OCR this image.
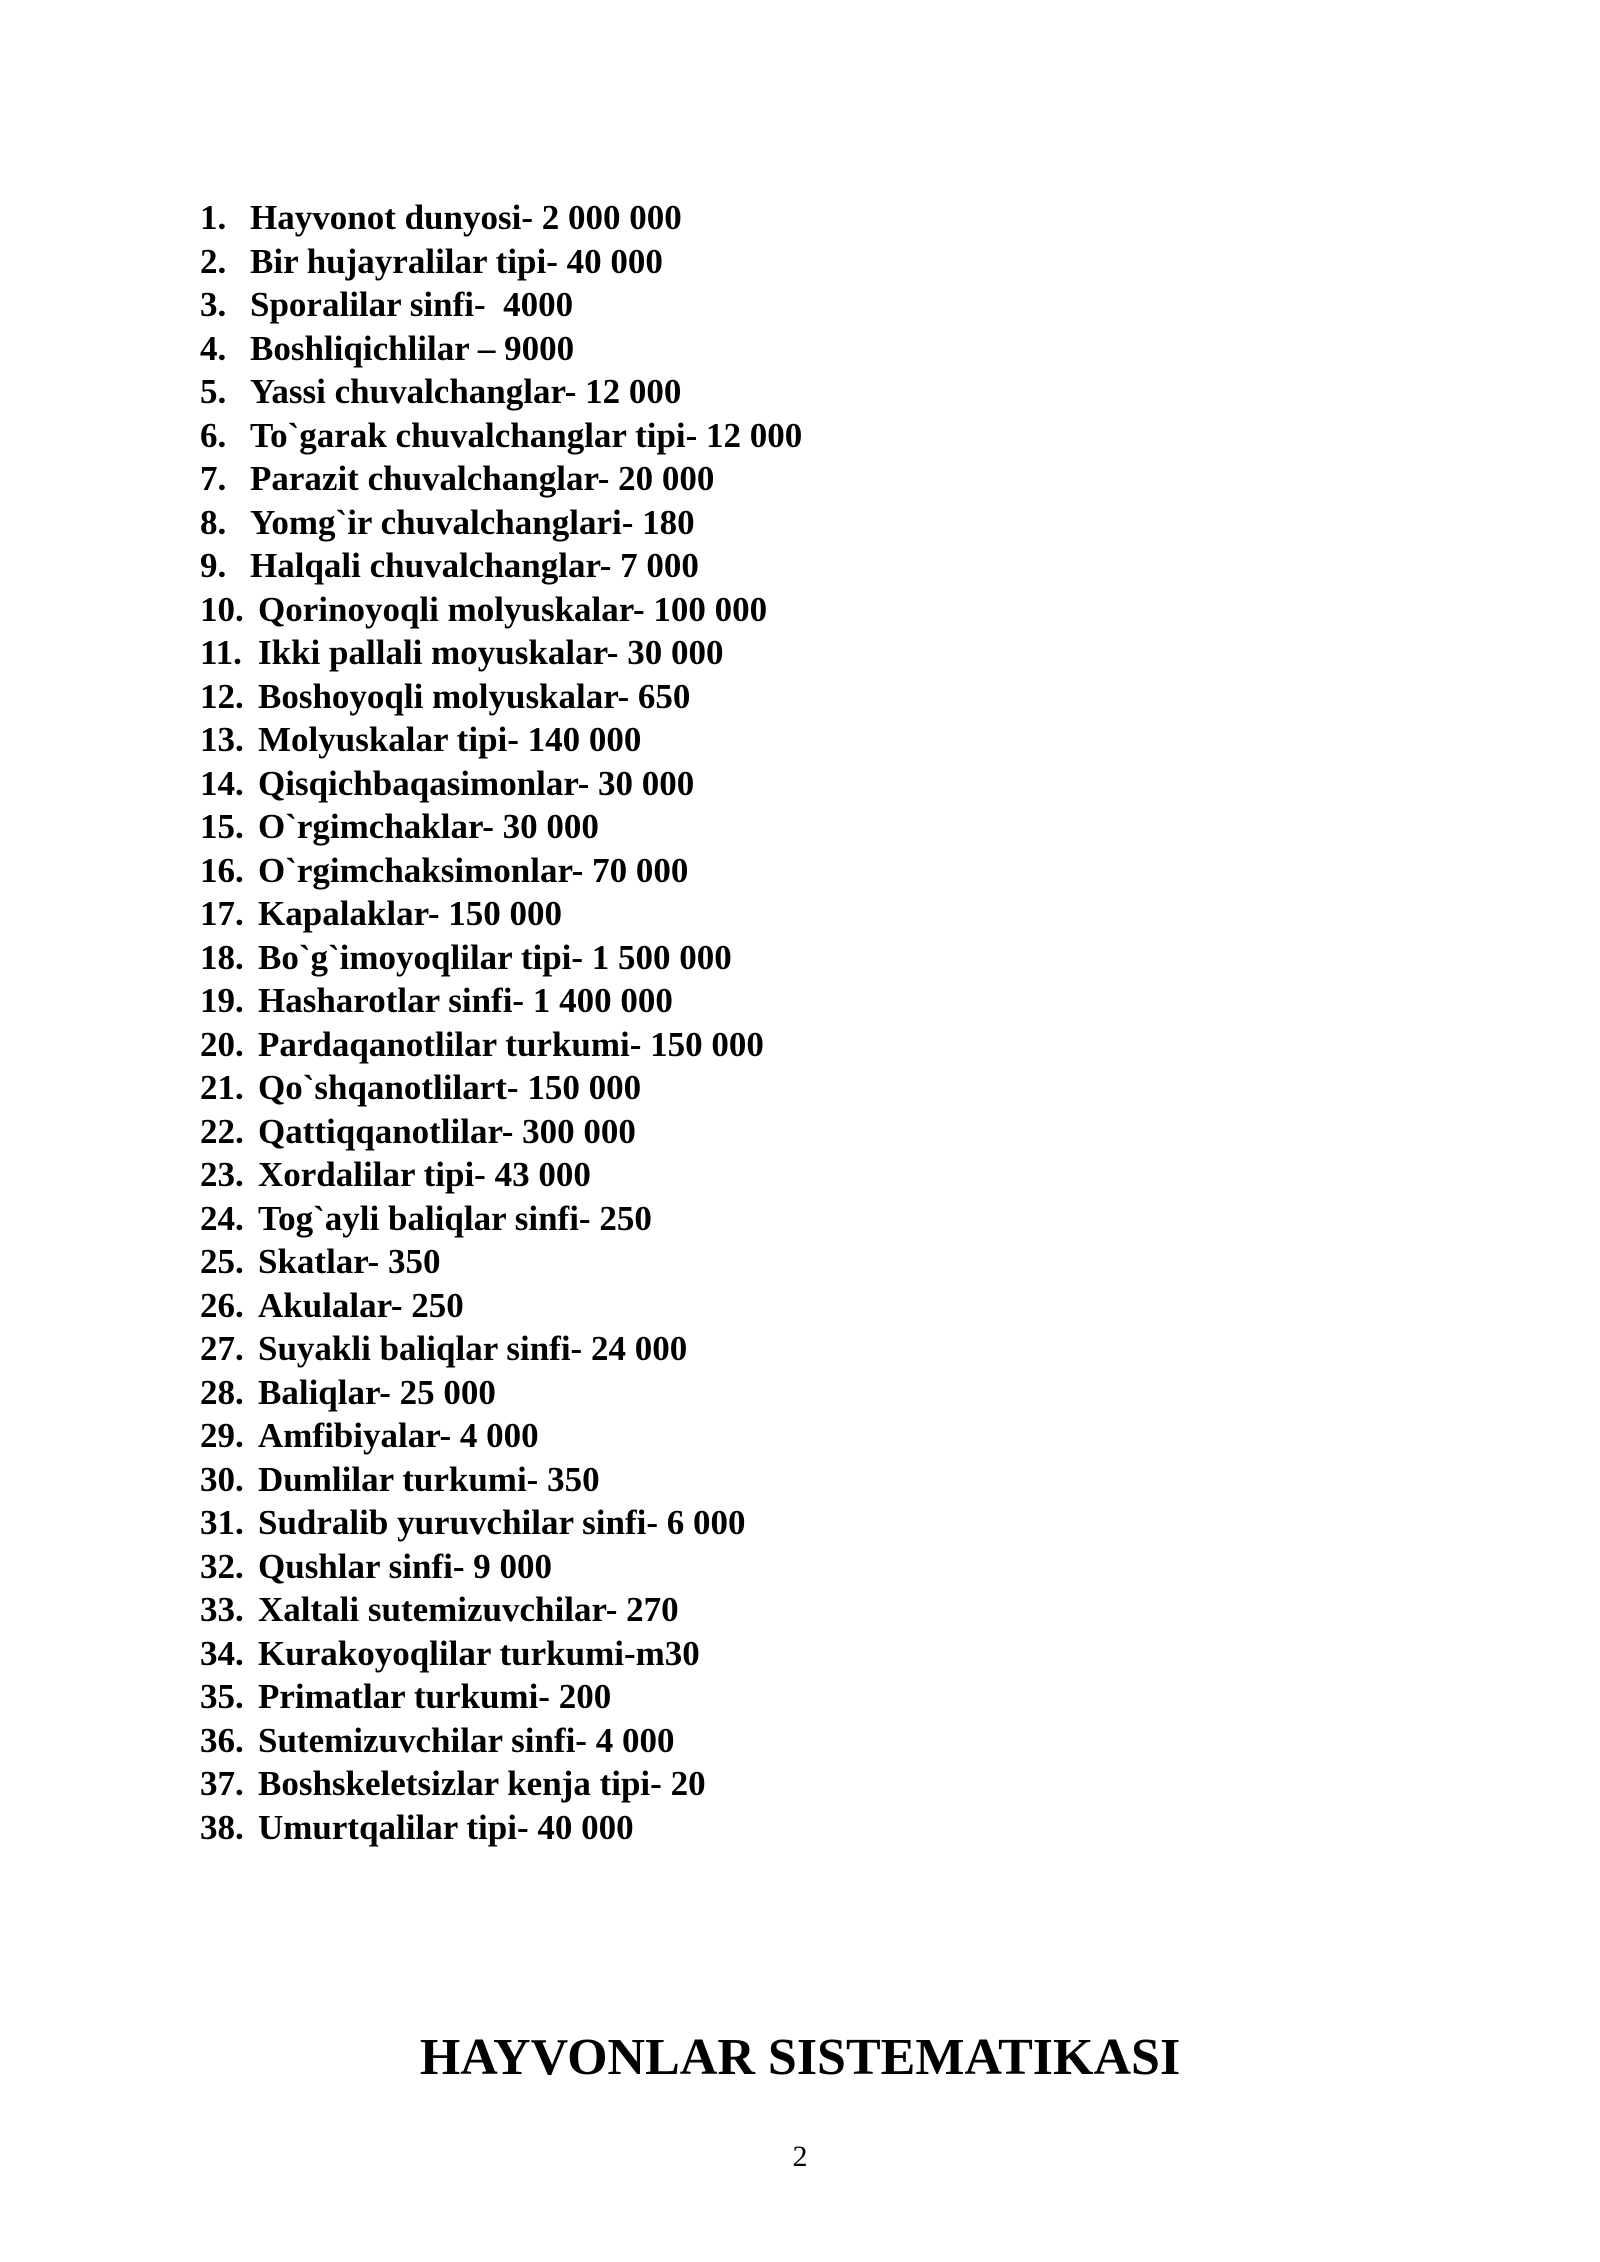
1. Hayvonot dunyosi- 2 000 000
2. Bir hujayralilar tipi- 40 000
3. Sporalilar sinfi-  4000
4. Boshliqichlilar – 9000
5. Yassi chuvalchanglar- 12 000
6. To`garak chuvalchanglar tipi- 12 000
7. Parazit chuvalchanglar- 20 000
8. Yomg`ir chuvalchanglari- 180
9. Halqali chuvalchanglar- 7 000
10. Qorinoyoqli molyuskalar- 100 000
11. Ikki pallali moyuskalar- 30 000
12. Boshoyoqli molyuskalar- 650
13. Molyuskalar tipi- 140 000
14. Qisqichbaqasimonlar- 30 000
15. O`rgimchaklar- 30 000
16. O`rgimchaksimonlar- 70 000
17. Kapalaklar- 150 000
18. Bo`g`imoyoqlilar tipi- 1 500 000
19. Hasharotlar sinfi- 1 400 000
20. Pardaqanotlilar turkumi- 150 000
21. Qo`shqanotlilart- 150 000
22. Qattiqqanotlilar- 300 000
23. Xordalilar tipi- 43 000
24. Tog`ayli baliqlar sinfi- 250
25. Skatlar- 350
26. Akulalar- 250
27. Suyakli baliqlar sinfi- 24 000
28. Baliqlar- 25 000
29. Amfibiyalar- 4 000
30. Dumlilar turkumi- 350
31. Sudralib yuruvchilar sinfi- 6 000
32. Qushlar sinfi- 9 000
33. Xaltali sutemizuvchilar- 270
34. Kurakoyoqlilar turkumi-m30
35. Primatlar turkumi- 200
36. Sutemizuvchilar sinfi- 4 000
37. Boshskeletsizlar kenja tipi- 20
38. Umurtqalilar tipi- 40 000
HAYVONLAR SISTEMATIKASI
2
